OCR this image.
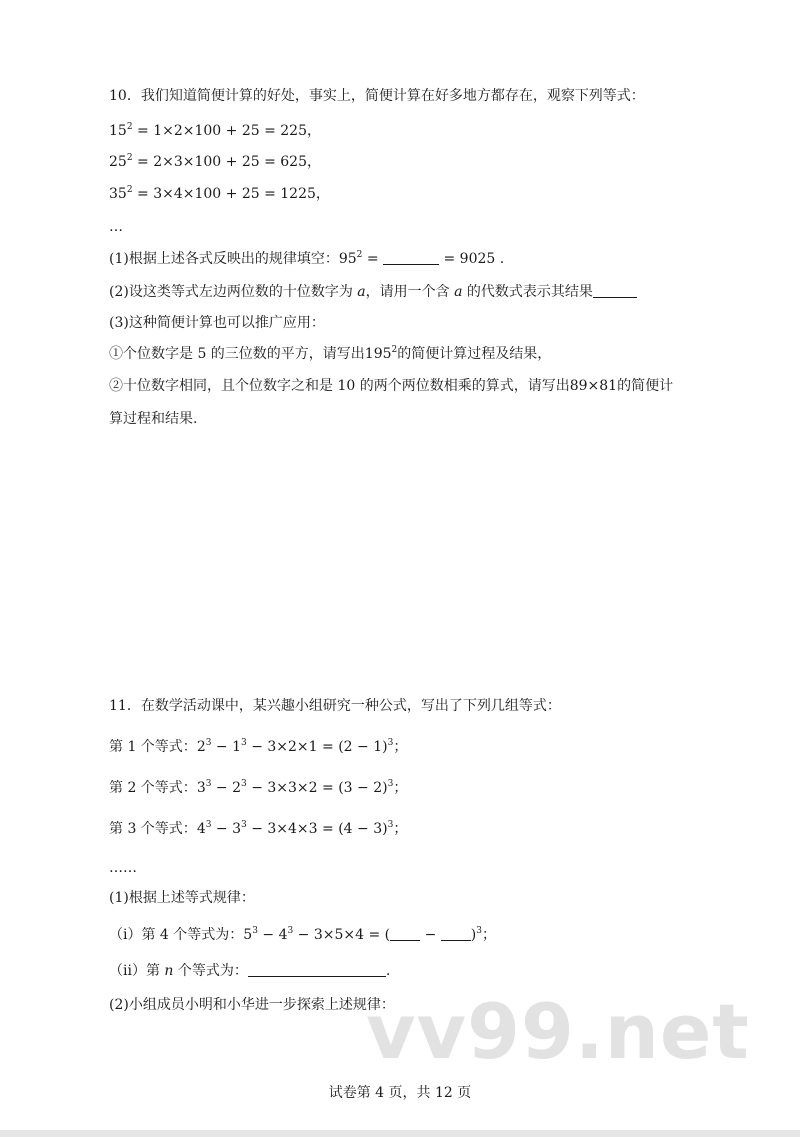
10．我们知道简便计算的好处，事实上，简便计算在好多地方都存在，观察下列等式：
$15^2 = 1\times 2\times 100 + 25 = 225$，
$25^2 = 2\times 3\times 100 + 25 = 625$，
$35^2 = 3\times 4\times 100 + 25 = 1225$，
…
(1)根据上述各式反映出的规律填空：$95^2$ =	= 9025 .
(2)设这类等式左边两位数的十位数字为 a，请用一个含 a 的代数式表示其结果
(3)这种简便计算也可以推广应用：
①个位数字是 5 的三位数的平方，请写出$195^2$的简便计算过程及结果，
②十位数字相同，且个位数字之和是 10 的两个两位数相乘的算式，请写出89×81的简便计
算过程和结果.
11．在数学活动课中，某兴趣小组研究一种公式，写出了下列几组等式：
第 1 个等式：$2^3 - 1^3 - 3\times 2\times 1 = (2 - 1)^3$；
第 2 个等式：$3^3 - 2^3 - 3\times 3\times 2 = (3 - 2)^3$；
第 3 个等式：$4^3 - 3^3 - 3\times 4\times 3 = (4 - 3)^3$；
……
(1)根据上述等式规律：
（i）第 4 个等式为：$5^3 - 4^3 - 3\times 5\times 4$ = ( − )$^3$；
（ii）第 n 个等式为：	.
(2)小组成员小明和小华进一步探索上述规律：
vv99.net
试卷第 4 页，共 12 页
